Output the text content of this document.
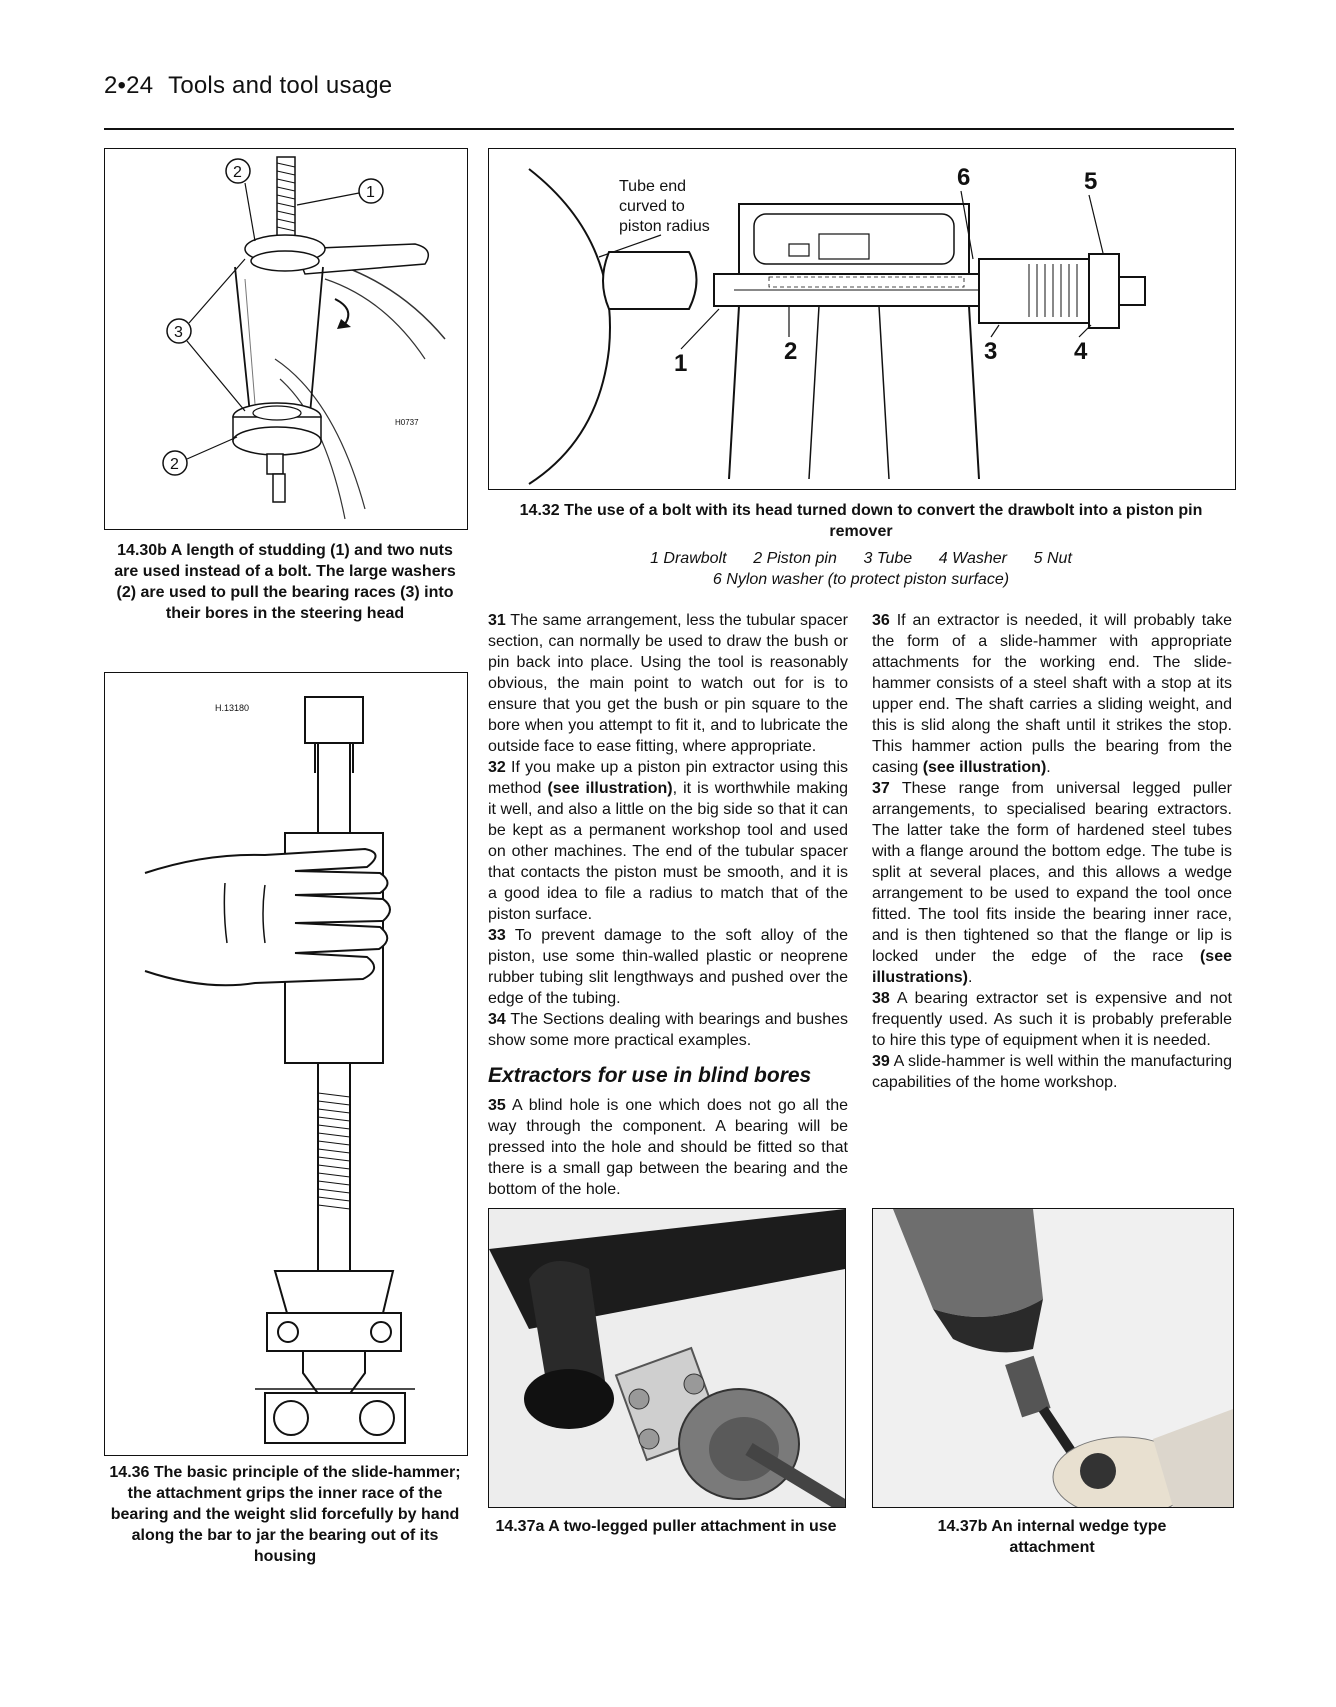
2•24 Tools and tool usage
2
1
3
2
H0737
14.30b A length of studding (1) and two nuts are used instead of a bolt. The large washers (2) are used to pull the bearing races (3) into their bores in the steering head
Tube end
curved to
piston radius
1	2	3	4
5
6
14.32 The use of a bolt with its head turned down to convert the drawbolt into a piston pin remover
1 Drawbolt      2 Piston pin      3 Tube      4 Washer      5 Nut
6 Nylon washer (to protect piston surface)
H.13180
14.36 The basic principle of the slide-hammer; the attachment grips the inner race of the bearing and the weight slid forcefully by hand along the bar to jar the bearing out of its housing

31 The same arrangement, less the tubular spacer section, can normally be used to draw the bush or pin back into place. Using the tool is reasonably obvious, the main point to watch out for is to ensure that you get the bush or pin square to the bore when you attempt to fit it, and to lubricate the outside face to ease fitting, where appropriate.

32 If you make up a piston pin extractor using this method (see illustration), it is worthwhile making it well, and also a little on the big side so that it can be kept as a permanent workshop tool and used on other machines. The end of the tubular spacer that contacts the piston must be smooth, and it is a good idea to file a radius to match that of the piston surface.

33 To prevent damage to the soft alloy of the piston, use some thin-walled plastic or neoprene rubber tubing slit lengthways and pushed over the edge of the tubing.

34 The Sections dealing with bearings and bushes show some more practical examples.

Extractors for use in blind bores

35 A blind hole is one which does not go all the way through the component. A bearing will be pressed into the hole and should be fitted so that there is a small gap between the bearing and the bottom of the hole.

36 If an extractor is needed, it will probably take the form of a slide-hammer with appropriate attachments for the working end. The slide-hammer consists of a steel shaft with a stop at its upper end. The shaft carries a sliding weight, and this is slid along the shaft until it strikes the stop. This hammer action pulls the bearing from the casing (see illustration).

37 These range from universal legged puller arrangements, to specialised bearing extractors. The latter take the form of hardened steel tubes with a flange around the bottom edge. The tube is split at several places, and this allows a wedge arrangement to be used to expand the tool once fitted. The tool fits inside the bearing inner race, and is then tightened so that the flange or lip is locked under the edge of the race (see illustrations).

38 A bearing extractor set is expensive and not frequently used. As such it is probably preferable to hire this type of equipment when it is needed.

39 A slide-hammer is well within the manufacturing capabilities of the home workshop.

14.37a A two-legged puller attachment in use	14.37b An internal wedge type attachment
